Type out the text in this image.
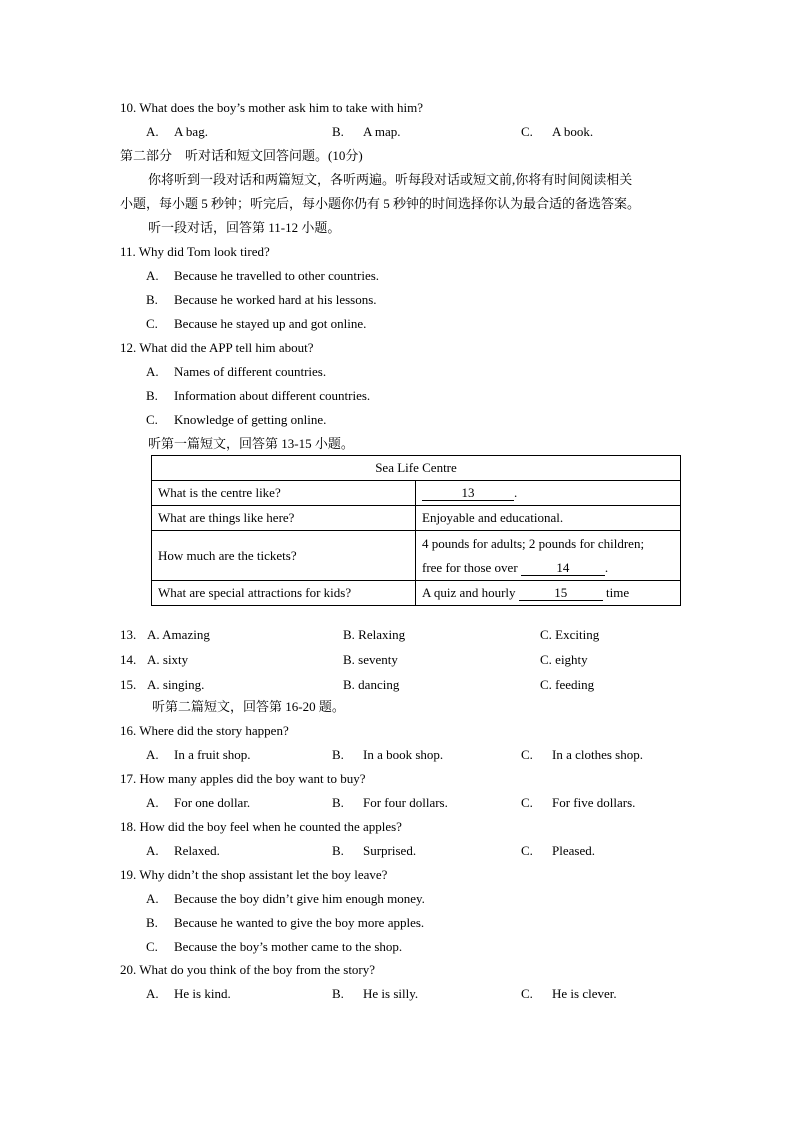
10. What does the boy’s mother ask him to take with him?
A. A bag.	B. A map.	C. A book.
第二部分　听对话和短文回答问题。(10分)
你将听到一段对话和两篇短文，各听两遍。听每段对话或短文前,你将有时间阅读相关
小题，每小题 5 秒钟；听完后，每小题你仍有 5 秒钟的时间选择你认为最合适的备选答案。
听一段对话，回答第 11-12 小题。
11. Why did Tom look tired?
A. Because he travelled to other countries.
B. Because he worked hard at his lessons.
C. Because he stayed up and got online.
12. What did the APP tell him about?
A. Names of different countries.
B. Information about different countries.
C. Knowledge of getting online.
听第一篇短文，回答第 13-15 小题。
Sea Life Centre	
What is the centre like?	13 .
What are things like here?	Enjoyable and educational.
How much are the tickets?	4 pounds for adults; 2 pounds for children;
free for those over 14 .
What are special attractions for kids?	A quiz and hourly 15 time
13. A. Amazing	B. Relaxing	C. Exciting
14. A. sixty	B. seventy	C. eighty
15. A. singing.	B. dancing	C. feeding
听第二篇短文，回答第 16-20 题。
16. Where did the story happen?
A. In a fruit shop.	B. In a book shop.	C. In a clothes shop.
17. How many apples did the boy want to buy?
A. For one dollar.	B. For four dollars.	C. For five dollars.
18. How did the boy feel when he counted the apples?
A. Relaxed.	B. Surprised.	C. Pleased.
19. Why didn’t the shop assistant let the boy leave?
A. Because the boy didn’t give him enough money.
B. Because he wanted to give the boy more apples.
C. Because the boy’s mother came to the shop.
20. What do you think of the boy from the story?
A. He is kind.	B. He is silly.	C. He is clever.
